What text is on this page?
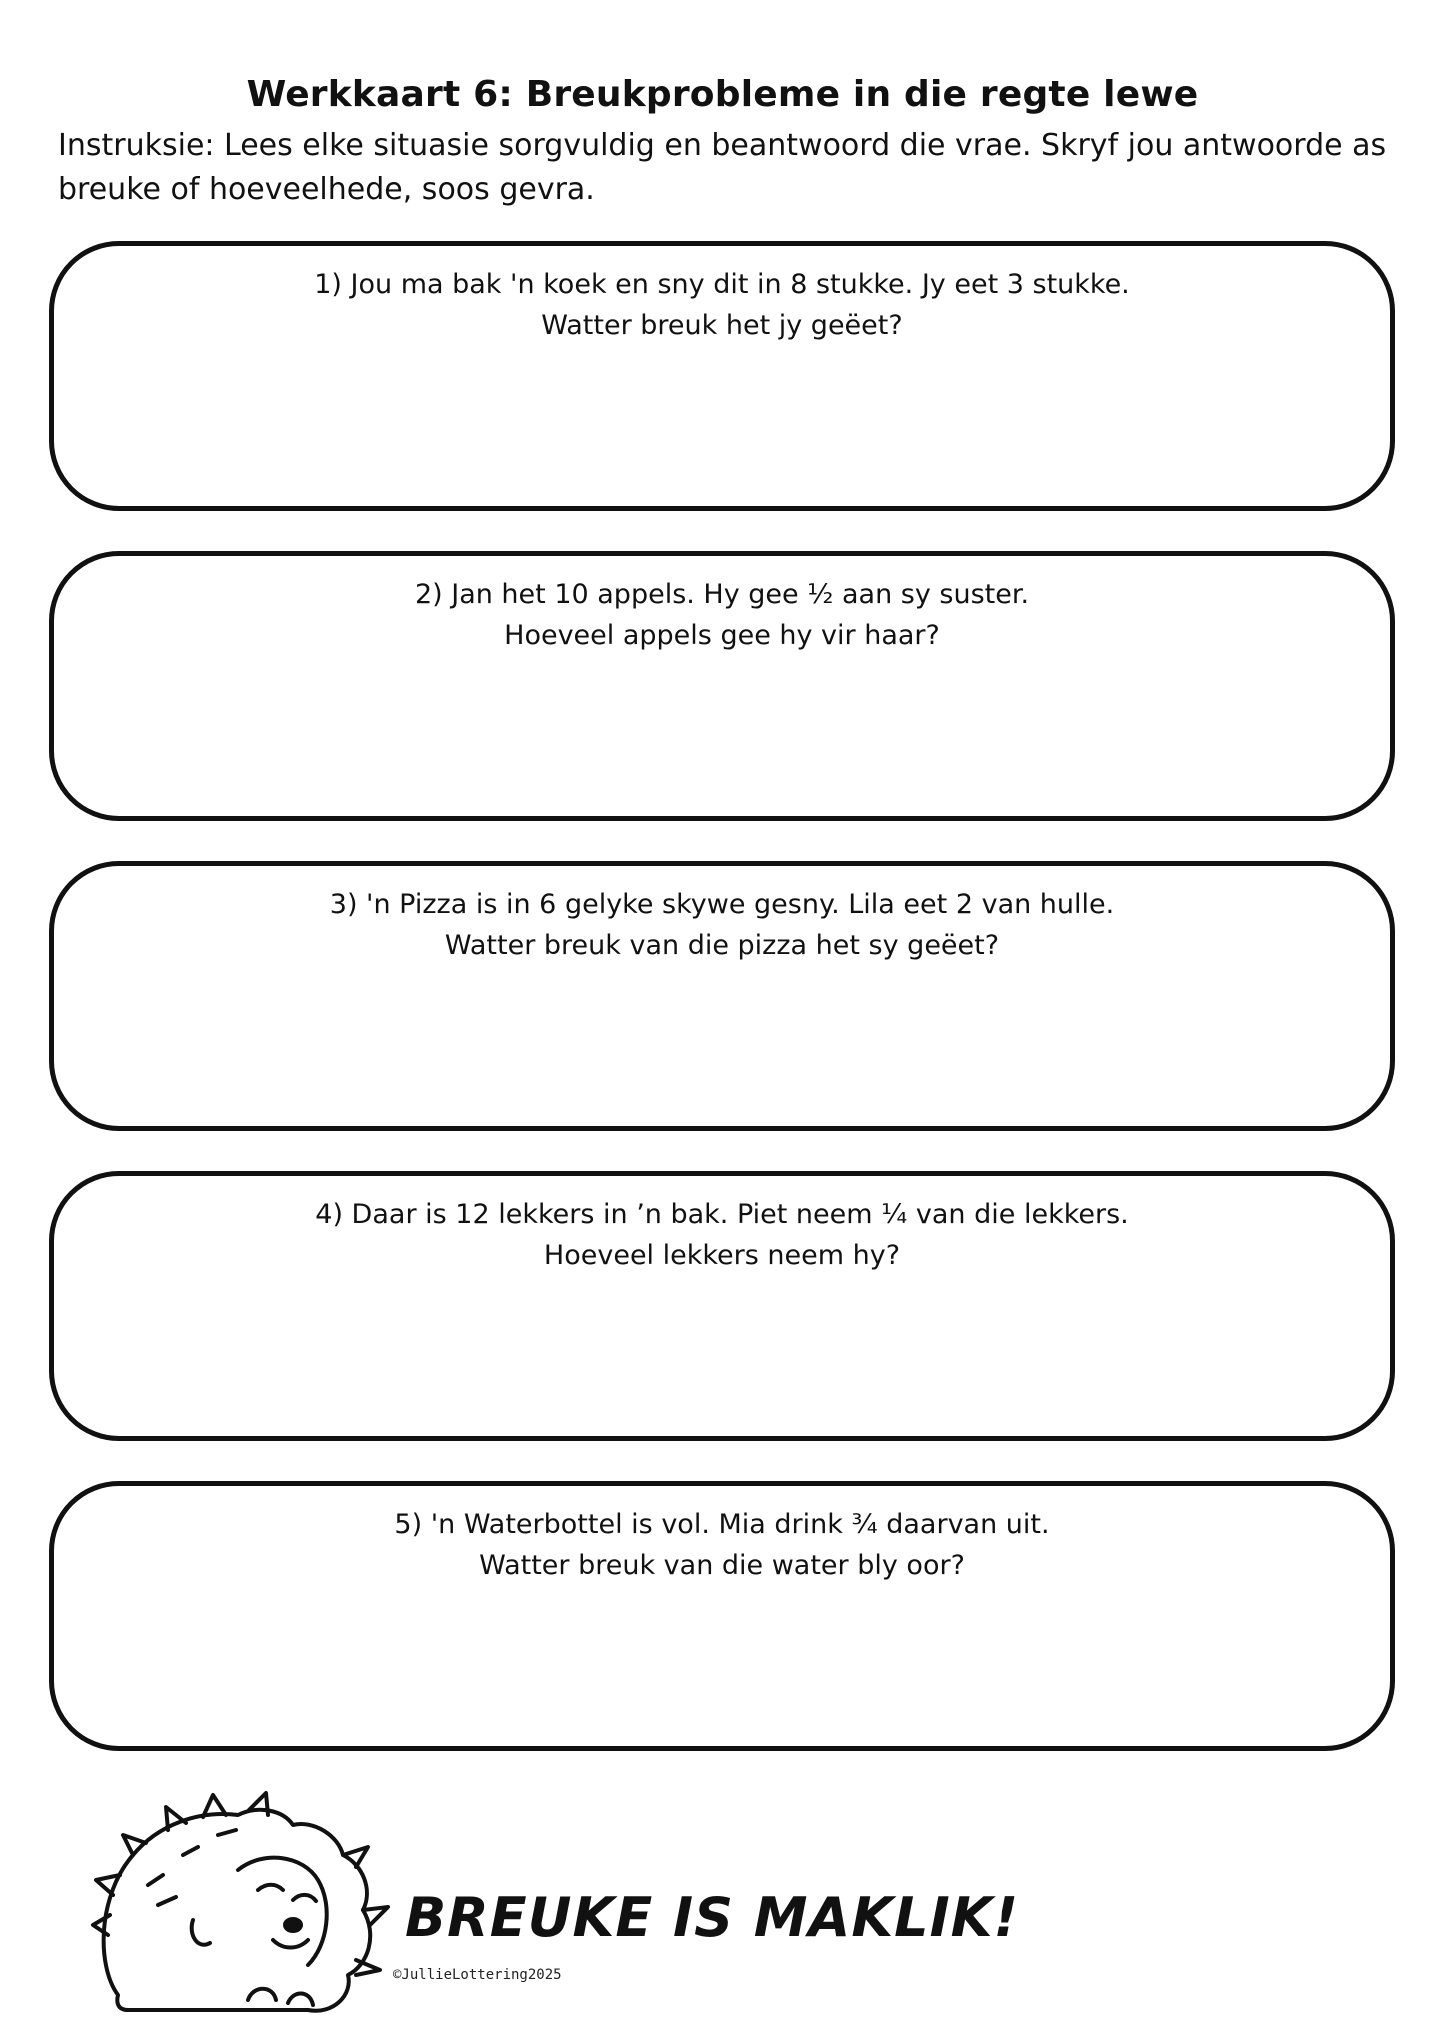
Werkkaart 6: Breukprobleme in die regte lewe
Instruksie: Lees elke situasie sorgvuldig en beantwoord die vrae. Skryf jou antwoorde as breuke of hoeveelhede, soos gevra.
1) Jou ma bak 'n koek en sny dit in 8 stukke. Jy eet 3 stukke.
Watter breuk het jy geëet?
2) Jan het 10 appels. Hy gee ½ aan sy suster.
Hoeveel appels gee hy vir haar?
3) 'n Pizza is in 6 gelyke skywe gesny. Lila eet 2 van hulle.
Watter breuk van die pizza het sy geëet?
4) Daar is 12 lekkers in ’n bak. Piet neem ¼ van die lekkers.
Hoeveel lekkers neem hy?
5) 'n Waterbottel is vol. Mia drink ¾ daarvan uit.
Watter breuk van die water bly oor?
BREUKE IS MAKLIK!
©JullieLottering2025
